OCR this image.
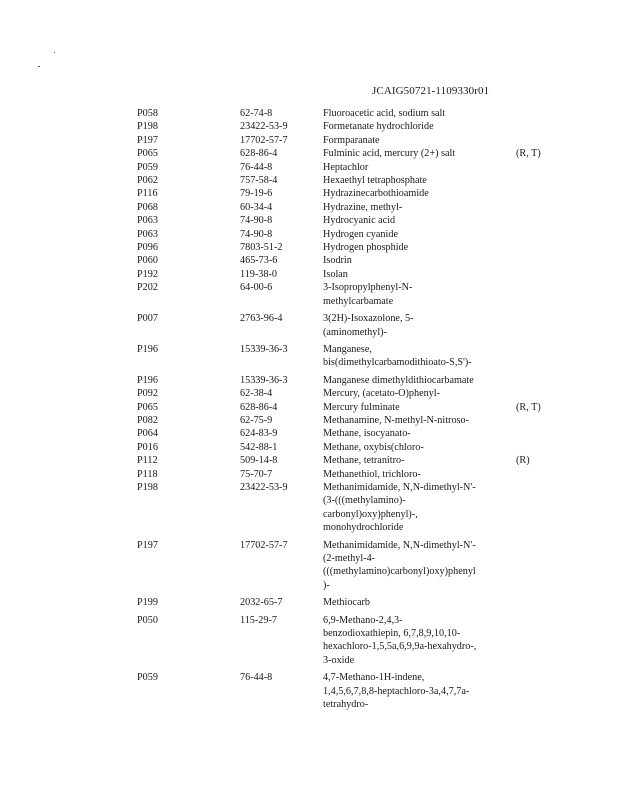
JCAIG50721-1109330r01
P058	62-74-8	Fluoroacetic acid, sodium salt
P198	23422-53-9	Formetanate hydrochloride
P197	17702-57-7	Formparanate
P065	628-86-4	Fulminic acid, mercury (2+) salt	(R, T)
P059	76-44-8	Heptachlor
P062	757-58-4	Hexaethyl tetraphosphate
P116	79-19-6	Hydrazinecarbothioamide
P068	60-34-4	Hydrazine, methyl-
P063	74-90-8	Hydrocyanic acid
P063	74-90-8	Hydrogen cyanide
P096	7803-51-2	Hydrogen phosphide
P060	465-73-6	Isodrin
P192	119-38-0	Isolan
P202	64-00-6	3-Isopropylphenyl-N-
methylcarbamate
P007	2763-96-4	3(2H)-Isoxazolone, 5-
(aminomethyl)-
P196	15339-36-3	Manganese,
bis(dimethylcarbamodithioato-S,S')-
P196	15339-36-3	Manganese dimethyldithiocarbamate
P092	62-38-4	Mercury, (acetato-O)phenyl-
P065	628-86-4	Mercury fulminate	(R, T)
P082	62-75-9	Methanamine, N-methyl-N-nitroso-
P064	624-83-9	Methane, isocyanato-
P016	542-88-1	Methane, oxybis(chloro-
P112	509-14-8	Methane, tetranitro-	(R)
P118	75-70-7	Methanethiol, trichloro-
P198	23422-53-9	Methanimidamide, N,N-dimethyl-N'-
(3-(((methylamino)-
carbonyl)oxy)phenyl)-,
monohydrochloride
P197	17702-57-7	Methanimidamide, N,N-dimethyl-N'-
(2-methyl-4-
(((methylamino)carbonyl)oxy)phenyl
)-
P199	2032-65-7	Methiocarb
P050	115-29-7	6,9-Methano-2,4,3-
benzodioxathiepin, 6,7,8,9,10,10-
hexachloro-1,5,5a,6,9,9a-hexahydro-,
3-oxide
P059	76-44-8	4,7-Methano-1H-indene,
1,4,5,6,7,8,8-heptachloro-3a,4,7,7a-
tetrahydro-
